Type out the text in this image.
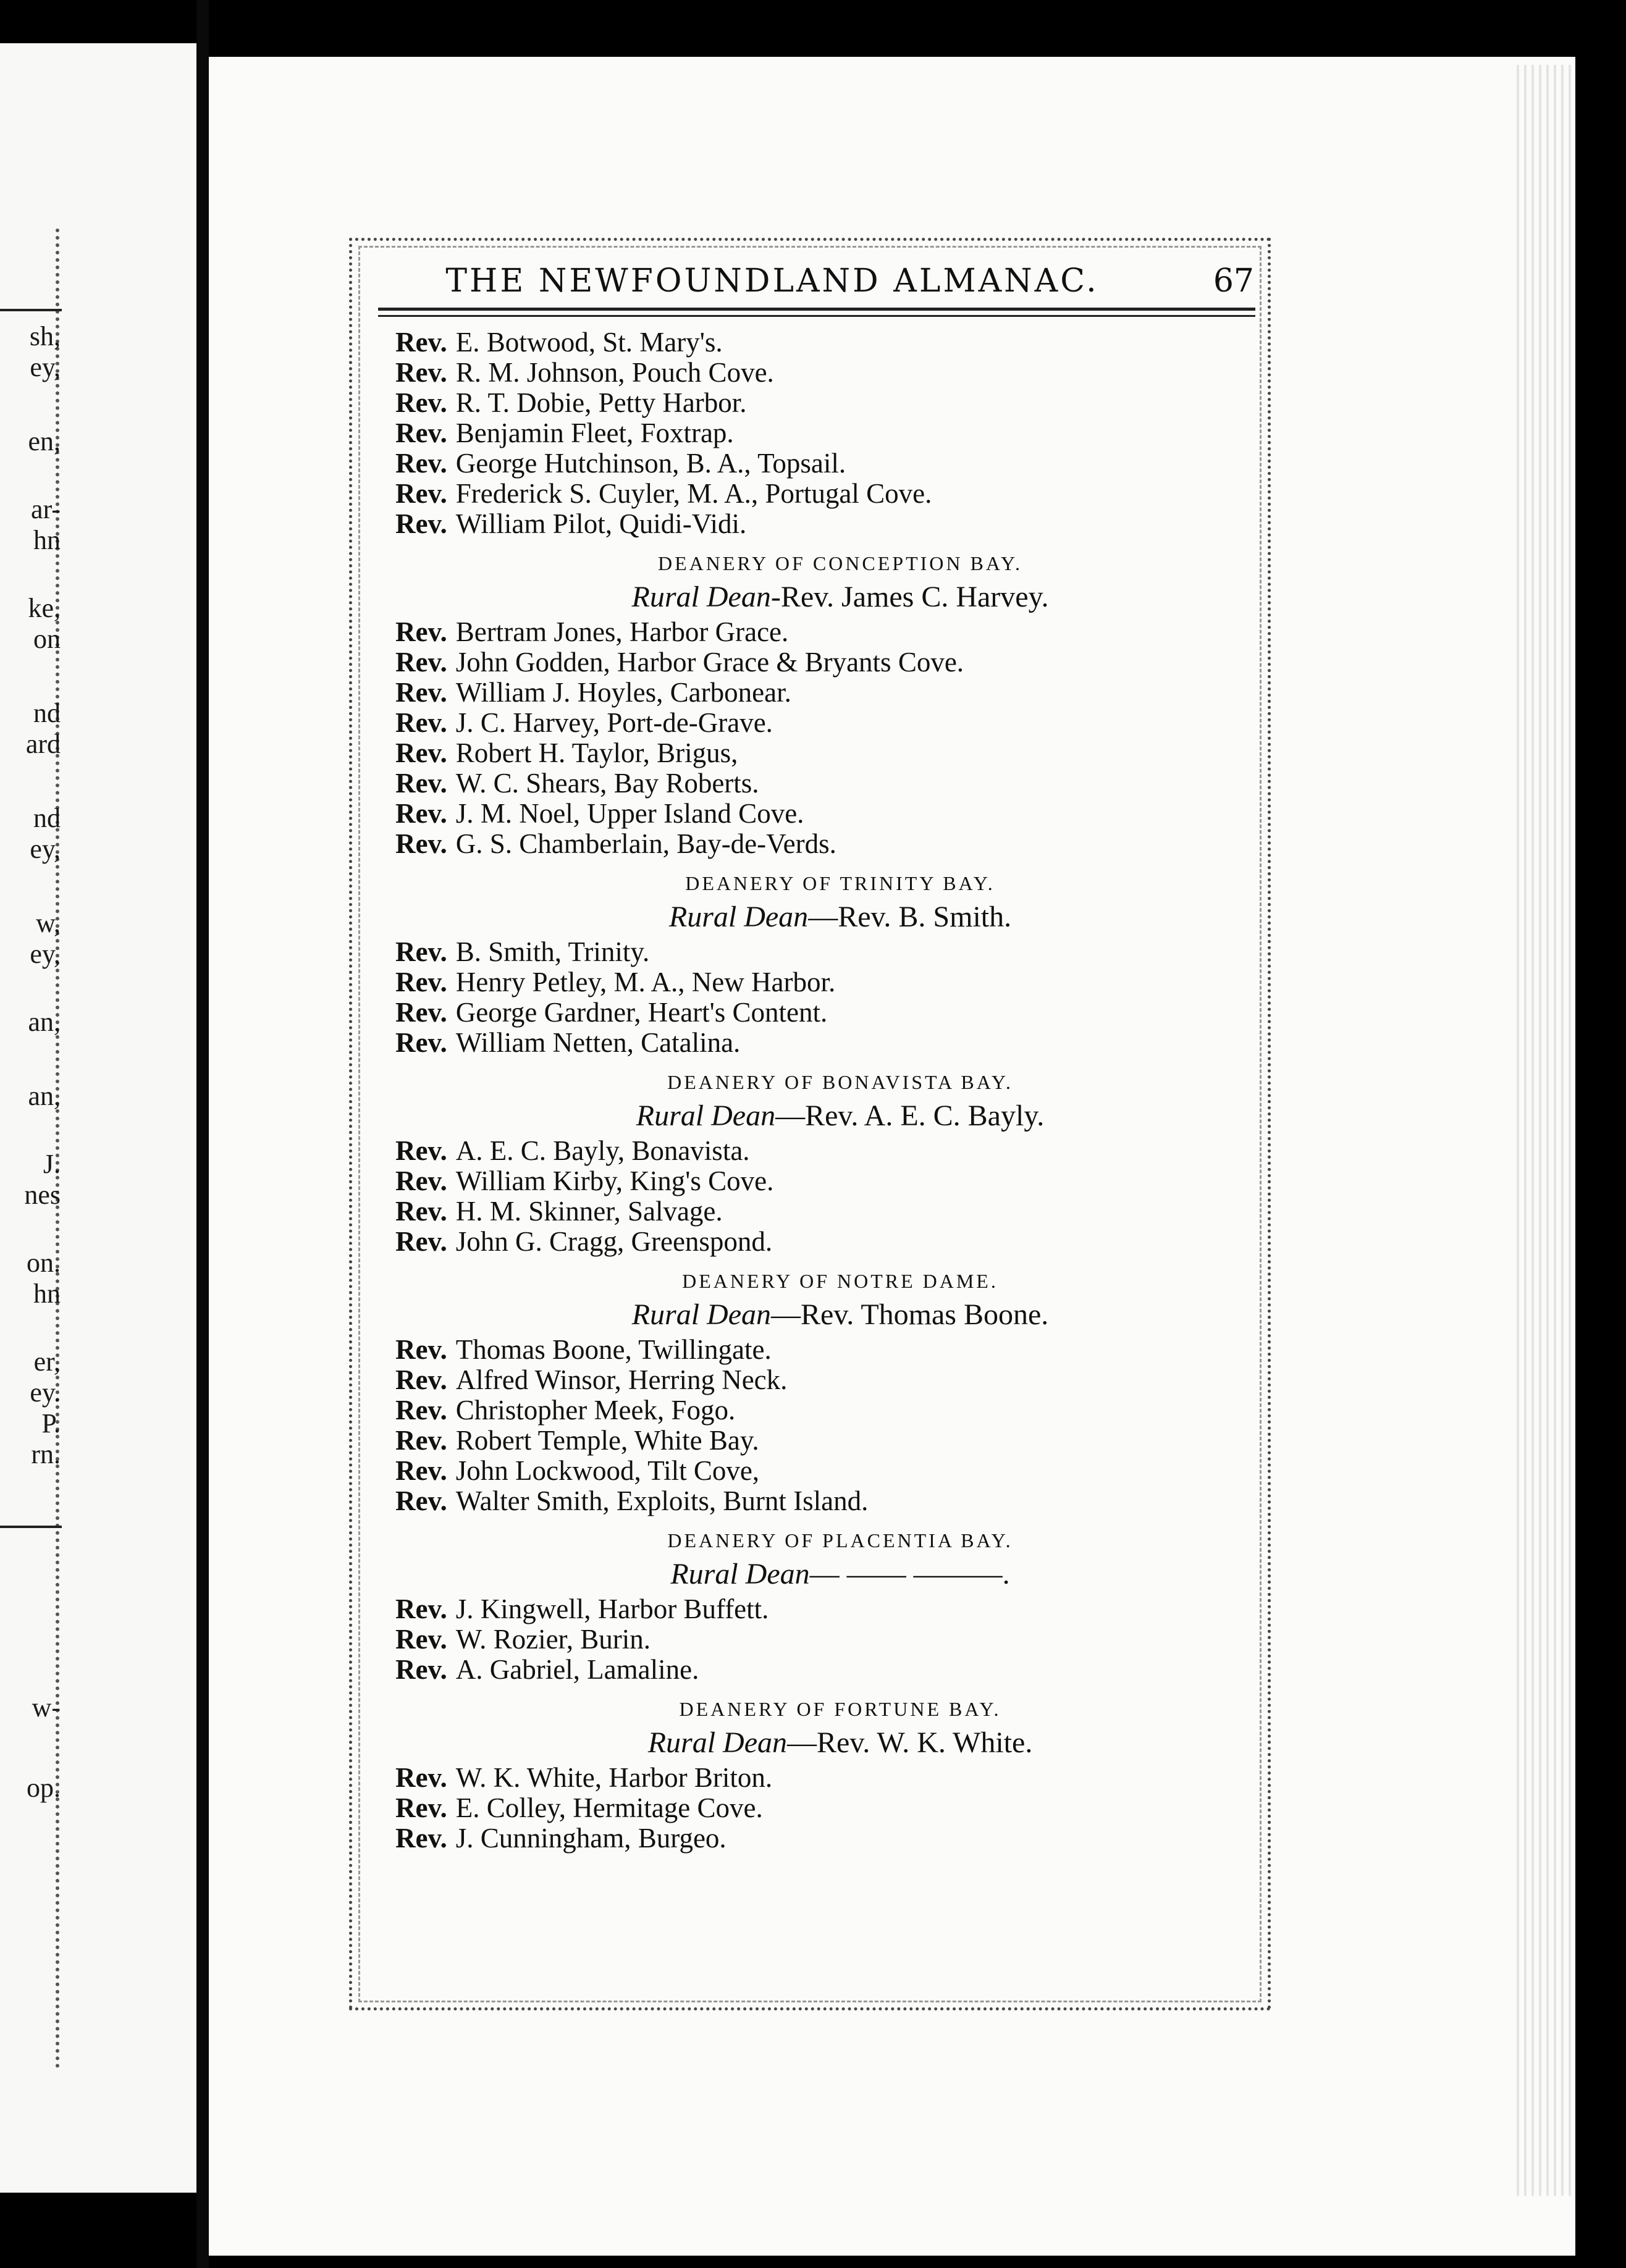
sh,
ey,
en,
ar-
hn
ke,
on
nd
ard
nd
ey,
w,
ey,
an,
an,
J.
nes
on.
hn
er,
ey.
P.
rn.
w-
op.
THE NEWFOUNDLAND ALMANAC.	67
Rev. E. Botwood, St. Mary's.
Rev. R. M. Johnson, Pouch Cove.
Rev. R. T. Dobie, Petty Harbor.
Rev. Benjamin Fleet, Foxtrap.
Rev. George Hutchinson, B. A., Topsail.
Rev. Frederick S. Cuyler, M. A., Portugal Cove.
Rev. William Pilot, Quidi-Vidi.
DEANERY OF CONCEPTION BAY.
Rural Dean-Rev. James C. Harvey.
Rev. Bertram Jones, Harbor Grace.
Rev. John Godden, Harbor Grace & Bryants Cove.
Rev. William J. Hoyles, Carbonear.
Rev. J. C. Harvey, Port-de-Grave.
Rev. Robert H. Taylor, Brigus,
Rev. W. C. Shears, Bay Roberts.
Rev. J. M. Noel, Upper Island Cove.
Rev. G. S. Chamberlain, Bay-de-Verds.
DEANERY OF TRINITY BAY.
Rural Dean—Rev. B. Smith.
Rev. B. Smith, Trinity.
Rev. Henry Petley, M. A., New Harbor.
Rev. George Gardner, Heart's Content.
Rev. William Netten, Catalina.
DEANERY OF BONAVISTA BAY.
Rural Dean—Rev. A. E. C. Bayly.
Rev. A. E. C. Bayly, Bonavista.
Rev. William Kirby, King's Cove.
Rev. H. M. Skinner, Salvage.
Rev. John G. Cragg, Greenspond.
DEANERY OF NOTRE DAME.
Rural Dean—Rev. Thomas Boone.
Rev. Thomas Boone, Twillingate.
Rev. Alfred Winsor, Herring Neck.
Rev. Christopher Meek, Fogo.
Rev. Robert Temple, White Bay.
Rev. John Lockwood, Tilt Cove,
Rev. Walter Smith, Exploits, Burnt Island.
DEANERY OF PLACENTIA BAY.
Rural Dean— —— ———.
Rev. J. Kingwell, Harbor Buffett.
Rev. W. Rozier, Burin.
Rev. A. Gabriel, Lamaline.
DEANERY OF FORTUNE BAY.
Rural Dean—Rev. W. K. White.
Rev. W. K. White, Harbor Briton.
Rev. E. Colley, Hermitage Cove.
Rev. J. Cunningham, Burgeo.
